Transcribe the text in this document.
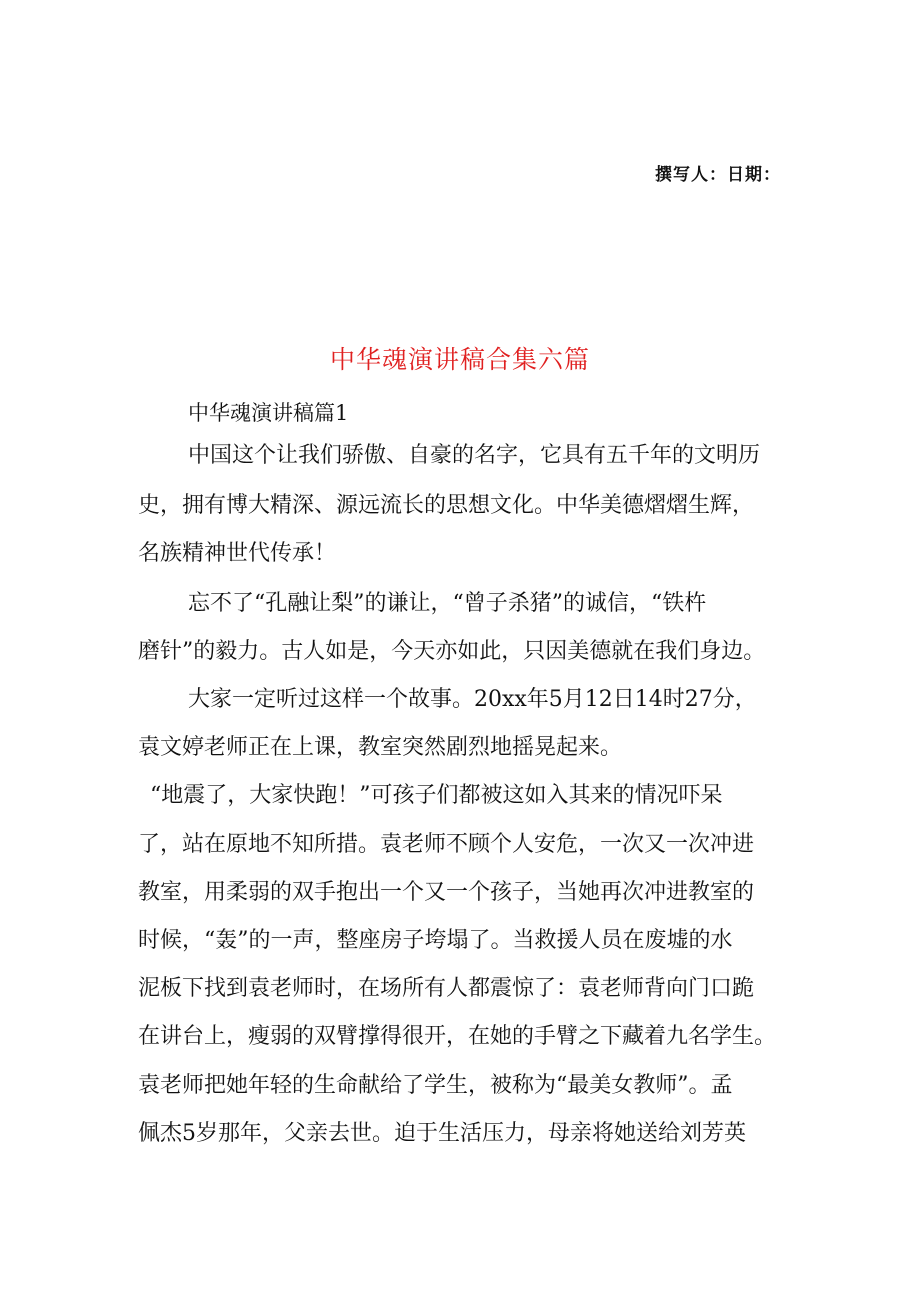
撰写人：日期：
中华魂演讲稿合集六篇
中华魂演讲稿篇1
中国这个让我们骄傲、自豪的名字，它具有五千年的文明历
史，拥有博大精深、源远流长的思想文化。中华美德熠熠生辉，
名族精神世代传承！
忘不了“孔融让梨”的谦让，“曾子杀猪”的诚信，“铁杵
磨针”的毅力。古人如是，今天亦如此，只因美德就在我们身边。
大家一定听过这样一个故事。20xx年5月12日14时27分，
袁文婷老师正在上课，教室突然剧烈地摇晃起来。
“地震了，大家快跑！”可孩子们都被这如入其来的情况吓呆
了，站在原地不知所措。袁老师不顾个人安危，一次又一次冲进
教室，用柔弱的双手抱出一个又一个孩子，当她再次冲进教室的
时候，“轰”的一声，整座房子垮塌了。当救援人员在废墟的水
泥板下找到袁老师时，在场所有人都震惊了：袁老师背向门口跪
在讲台上，瘦弱的双臂撑得很开，在她的手臂之下藏着九名学生。
袁老师把她年轻的生命献给了学生，被称为“最美女教师”。孟
佩杰5岁那年，父亲去世。迫于生活压力，母亲将她送给刘芳英
